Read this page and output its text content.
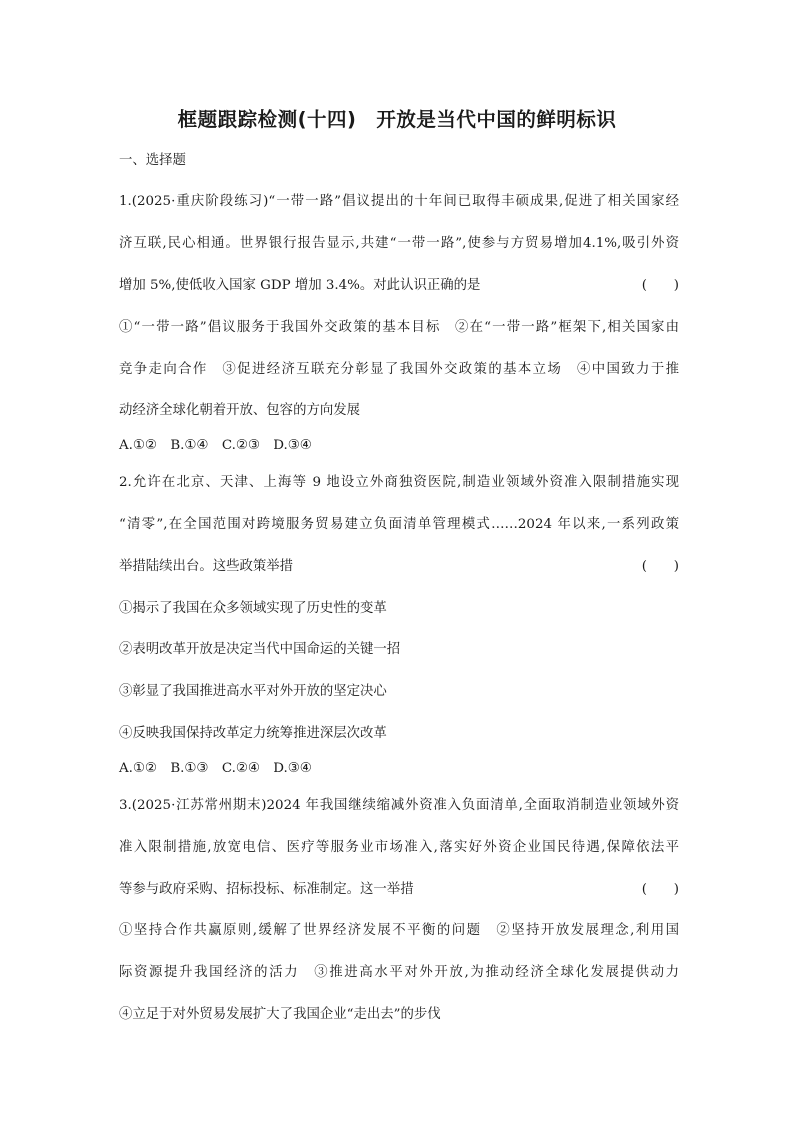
框题跟踪检测(十四)　开放是当代中国的鲜明标识
一、选择题
1.(2025·重庆阶段练习)“一带一路”倡议提出的十年间已取得丰硕成果,促进了相关国家经
济互联,民心相通。世界银行报告显示,共建“一带一路”,使参与方贸易增加4.1%,吸引外资
增加 5%,使低收入国家 GDP 增加 3.4%。对此认识正确的是	(　　)
①“一带一路”倡议服务于我国外交政策的基本目标　②在“一带一路”框架下,相关国家由
竞争走向合作　③促进经济互联充分彰显了我国外交政策的基本立场　④中国致力于推
动经济全球化朝着开放、包容的方向发展
A.①②　B.①④　C.②③　D.③④
2.允许在北京、天津、上海等 9 地设立外商独资医院,制造业领域外资准入限制措施实现
“清零”,在全国范围对跨境服务贸易建立负面清单管理模式……2024 年以来,一系列政策
举措陆续出台。这些政策举措	(　　)
①揭示了我国在众多领域实现了历史性的变革
②表明改革开放是决定当代中国命运的关键一招
③彰显了我国推进高水平对外开放的坚定决心
④反映我国保持改革定力统筹推进深层次改革
A.①②　B.①③　C.②④　D.③④
3.(2025·江苏常州期末)2024 年我国继续缩减外资准入负面清单,全面取消制造业领域外资
准入限制措施,放宽电信、医疗等服务业市场准入,落实好外资企业国民待遇,保障依法平
等参与政府采购、招标投标、标准制定。这一举措	(　　)
①坚持合作共赢原则,缓解了世界经济发展不平衡的问题　②坚持开放发展理念,利用国
际资源提升我国经济的活力　③推进高水平对外开放,为推动经济全球化发展提供动力
④立足于对外贸易发展扩大了我国企业“走出去”的步伐
